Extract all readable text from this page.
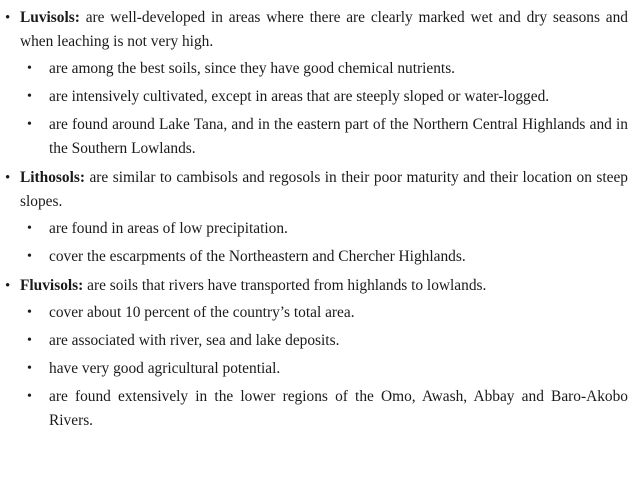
• Luvisols: are well-developed in areas where there are clearly marked wet and dry seasons and when leaching is not very high.
• are among the best soils, since they have good chemical nutrients.
• are intensively cultivated, except in areas that are steeply sloped or water-logged.
• are found around Lake Tana, and in the eastern part of the Northern Central Highlands and in the Southern Lowlands.
• Lithosols: are similar to cambisols and regosols in their poor maturity and their location on steep slopes.
• are found in areas of low precipitation.
• cover the escarpments of the Northeastern and Chercher Highlands.
• Fluvisols: are soils that rivers have transported from highlands to lowlands.
• cover about 10 percent of the country’s total area.
• are associated with river, sea and lake deposits.
• have very good agricultural potential.
• are found extensively in the lower regions of the Omo, Awash, Abbay and Baro-Akobo Rivers.
